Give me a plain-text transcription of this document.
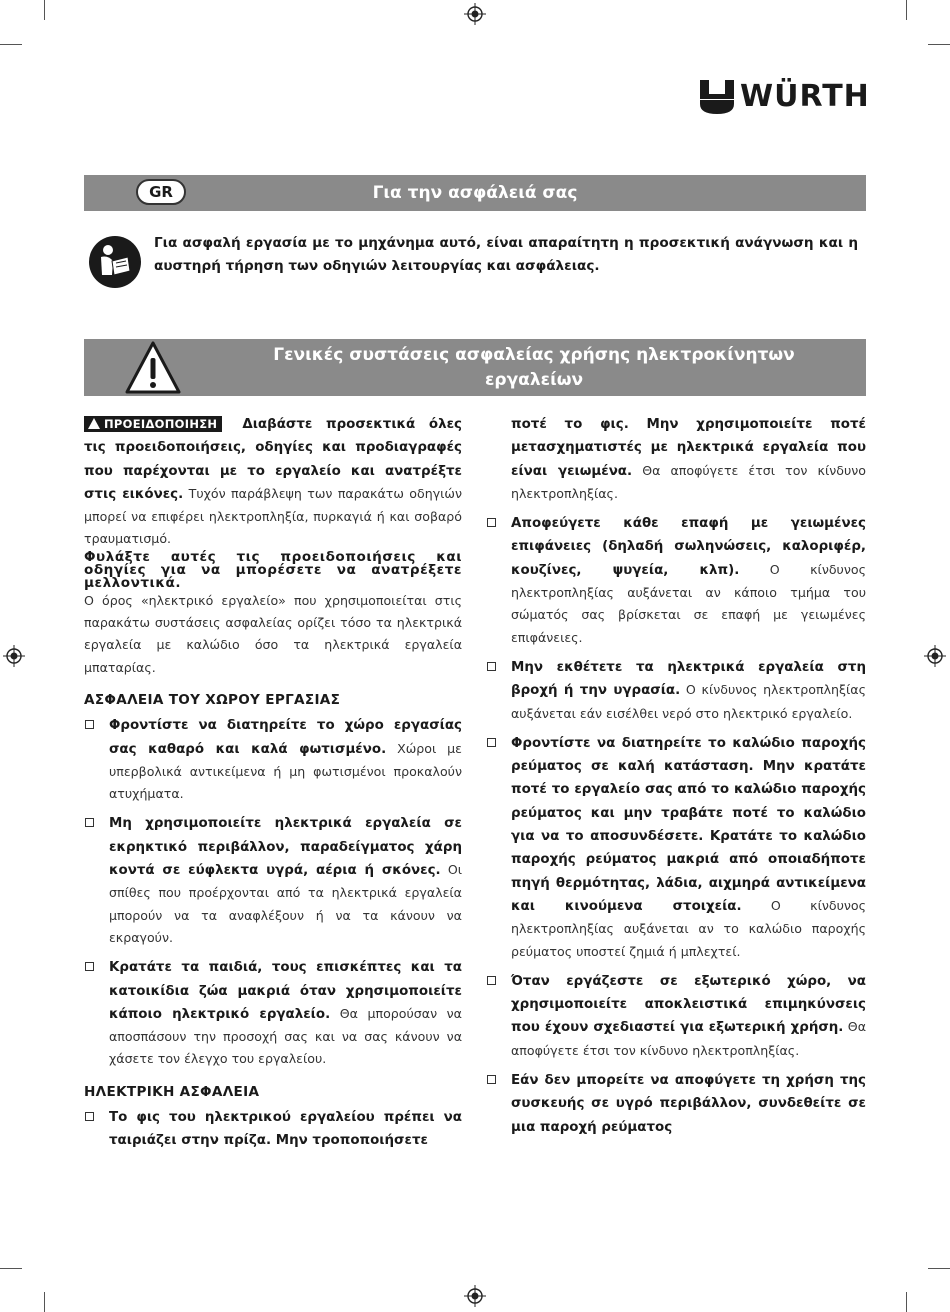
WÜRTH
GR	Για την ασφάλειά σας
Για ασφαλή εργασία με το μηχάνημα αυτό, είναι απαραίτητη η προσεκτική ανάγνωση και η αυστηρή τήρηση των οδηγιών λειτουργίας και ασφάλειας.
Γενικές συστάσεις ασφαλείας χρήσης ηλεκτροκίνητων
εργαλείων

ΠΡΟΕΙΔΟΠΟΙΗΣΗ Διαβάστε προσεκτικά όλες τις προειδοποιήσεις, οδηγίες και προδιαγραφές που παρέχονται με το εργαλείο και ανατρέξτε στις εικόνες. Τυχόν παράβλεψη των παρακάτω οδηγιών μπορεί να επιφέρει ηλεκτροπληξία, πυρκαγιά ή και σοβαρό τραυματισμό.

Φυλάξτε αυτές τις προειδοποιήσεις και οδηγίες για να μπορέσετε να ανατρέξετε μελλοντικά.

Ο όρος «ηλεκτρικό εργαλείο» που χρησιμοποιείται στις παρακάτω συστάσεις ασφαλείας ορίζει τόσο τα ηλεκτρικά εργαλεία με καλώδιο όσο τα ηλεκτρικά εργαλεία μπαταρίας.

ΑΣΦΑΛΕΙΑ ΤΟΥ ΧΩΡΟΥ ΕΡΓΑΣΙΑΣ
Φροντίστε να διατηρείτε το χώρο εργασίας σας καθαρό και καλά φωτισμένο. Χώροι με υπερβολικά αντικείμενα ή μη φωτισμένοι προκαλούν ατυχήματα.
Μη χρησιμοποιείτε ηλεκτρικά εργαλεία σε εκρηκτικό περιβάλλον, παραδείγματος χάρη κοντά σε εύφλεκτα υγρά, αέρια ή σκόνες. Οι σπίθες που προέρχονται από τα ηλεκτρικά εργαλεία μπορούν να τα αναφλέξουν ή να τα κάνουν να εκραγούν.
Κρατάτε τα παιδιά, τους επισκέπτες και τα κατοικίδια ζώα μακριά όταν χρησιμοποιείτε κάποιο ηλεκτρικό εργαλείο. Θα μπορούσαν να αποσπάσουν την προσοχή σας και να σας κάνουν να χάσετε τον έλεγχο του εργαλείου.
ΗΛΕΚΤΡΙΚΗ ΑΣΦΑΛΕΙΑ
Το φις του ηλεκτρικού εργαλείου πρέπει να ταιριάζει στην πρίζα. Μην τροποποιήσετε
ποτέ το φις. Μην χρησιμοποιείτε ποτέ μετασχηματιστές με ηλεκτρικά εργαλεία που είναι γειωμένα. Θα αποφύγετε έτσι τον κίνδυνο ηλεκτροπληξίας.
Αποφεύγετε κάθε επαφή με γειωμένες επιφάνειες (δηλαδή σωληνώσεις, καλοριφέρ, κουζίνες, ψυγεία, κλπ). Ο κίνδυνος ηλεκτροπληξίας αυξάνεται αν κάποιο τμήμα του σώματός σας βρίσκεται σε επαφή με γειωμένες επιφάνειες.
Μην εκθέτετε τα ηλεκτρικά εργαλεία στη βροχή ή την υγρασία. Ο κίνδυνος ηλεκτροπληξίας αυξάνεται εάν εισέλθει νερό στο ηλεκτρικό εργαλείο.
Φροντίστε να διατηρείτε το καλώδιο παροχής ρεύματος σε καλή κατάσταση. Μην κρατάτε ποτέ το εργαλείο σας από το καλώδιο παροχής ρεύματος και μην τραβάτε ποτέ το καλώδιο για να το αποσυνδέσετε. Κρατάτε το καλώδιο παροχής ρεύματος μακριά από οποιαδήποτε πηγή θερμότητας, λάδια, αιχμηρά αντικείμενα και κινούμενα στοιχεία. Ο κίνδυνος ηλεκτροπληξίας αυξάνεται αν το καλώδιο παροχής ρεύματος υποστεί ζημιά ή μπλεχτεί.
Όταν εργάζεστε σε εξωτερικό χώρο, να χρησιμοποιείτε αποκλειστικά επιμηκύνσεις που έχουν σχεδιαστεί για εξωτερική χρήση. Θα αποφύγετε έτσι τον κίνδυνο ηλεκτροπληξίας.
Εάν δεν μπορείτε να αποφύγετε τη χρήση της συσκευής σε υγρό περιβάλλον, συνδεθείτε σε μια παροχή ρεύματος
